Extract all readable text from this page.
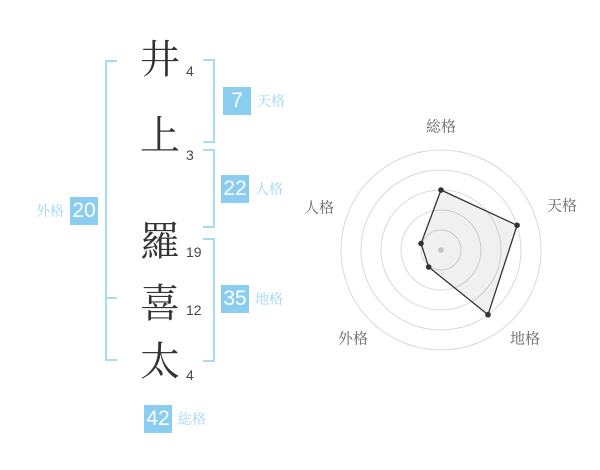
井
上
羅
喜
太
4
3
19
12
4
7	天格
22 人格
35 地格
外格 20
42 総格
総格
天格
地格
外格
人格
